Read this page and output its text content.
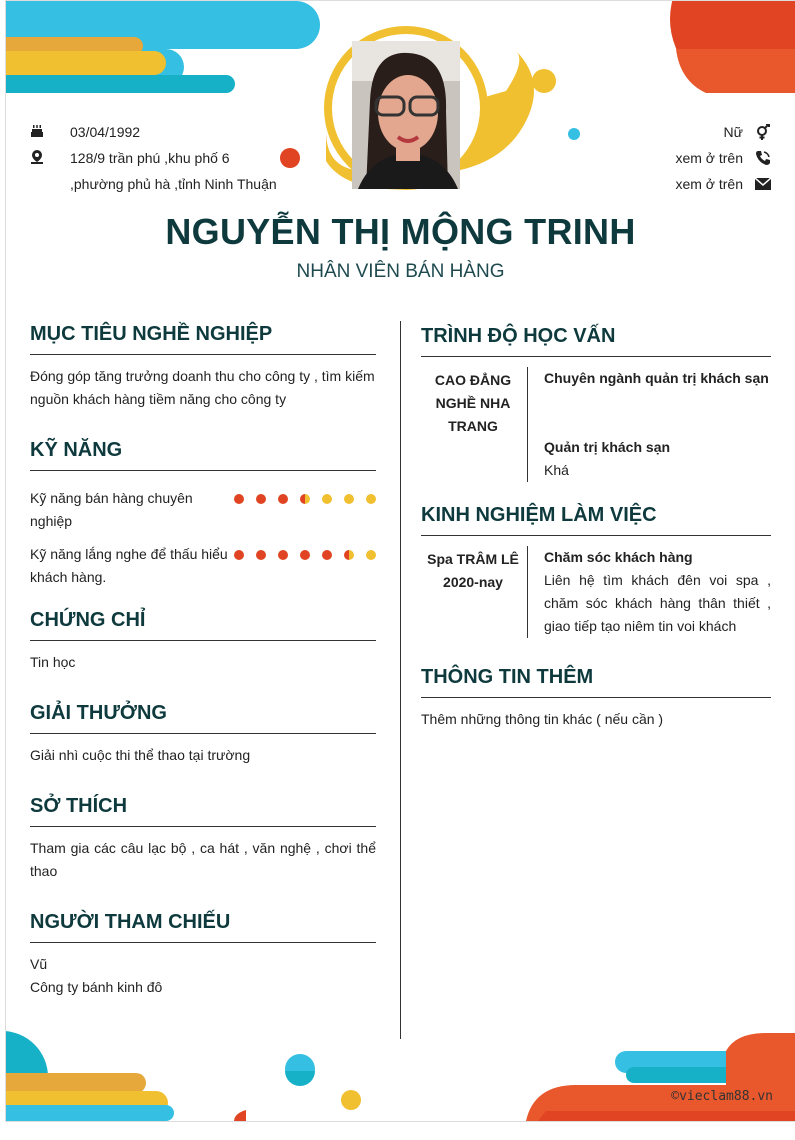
03/04/1992
128/9 trần phú ,khu phố 6
,phường phủ hà ,tỉnh Ninh Thuận
Nữ
xem ở trên
xem ở trên
NGUYỄN THỊ MỘNG TRINH
NHÂN VIÊN BÁN HÀNG
MỤC TIÊU NGHỀ NGHIỆP
Đóng góp tăng trưởng doanh thu cho công ty , tìm kiếm nguồn khách hàng tiềm năng cho công ty
KỸ NĂNG
Kỹ năng bán hàng chuyên nghiệp
Kỹ năng lắng nghe để thấu hiểu khách hàng.
CHỨNG CHỈ
Tin học
GIẢI THƯỞNG
Giải nhì cuộc thi thể thao tại trường
SỞ THÍCH
Tham gia các câu lạc bộ , ca hát , văn nghệ , chơi thể thao
NGƯỜI THAM CHIẾU
Vũ
Công ty bánh kinh đô
TRÌNH ĐỘ HỌC VẤN
CAO ĐẲNG NGHỀ NHA TRANG
Chuyên ngành quản trị khách sạn
Quản trị khách sạn
Khá
KINH NGHIỆM LÀM VIỆC
Spa TRÂM LÊ
2020-nay
Chăm sóc khách hàng
Liên hệ tìm khách đên voi spa , chăm sóc khách hàng thân thiết , giao tiếp tạo niêm tin voi khách
THÔNG TIN THÊM
Thêm những thông tin khác ( nếu cần )
©vieclam88.vn
